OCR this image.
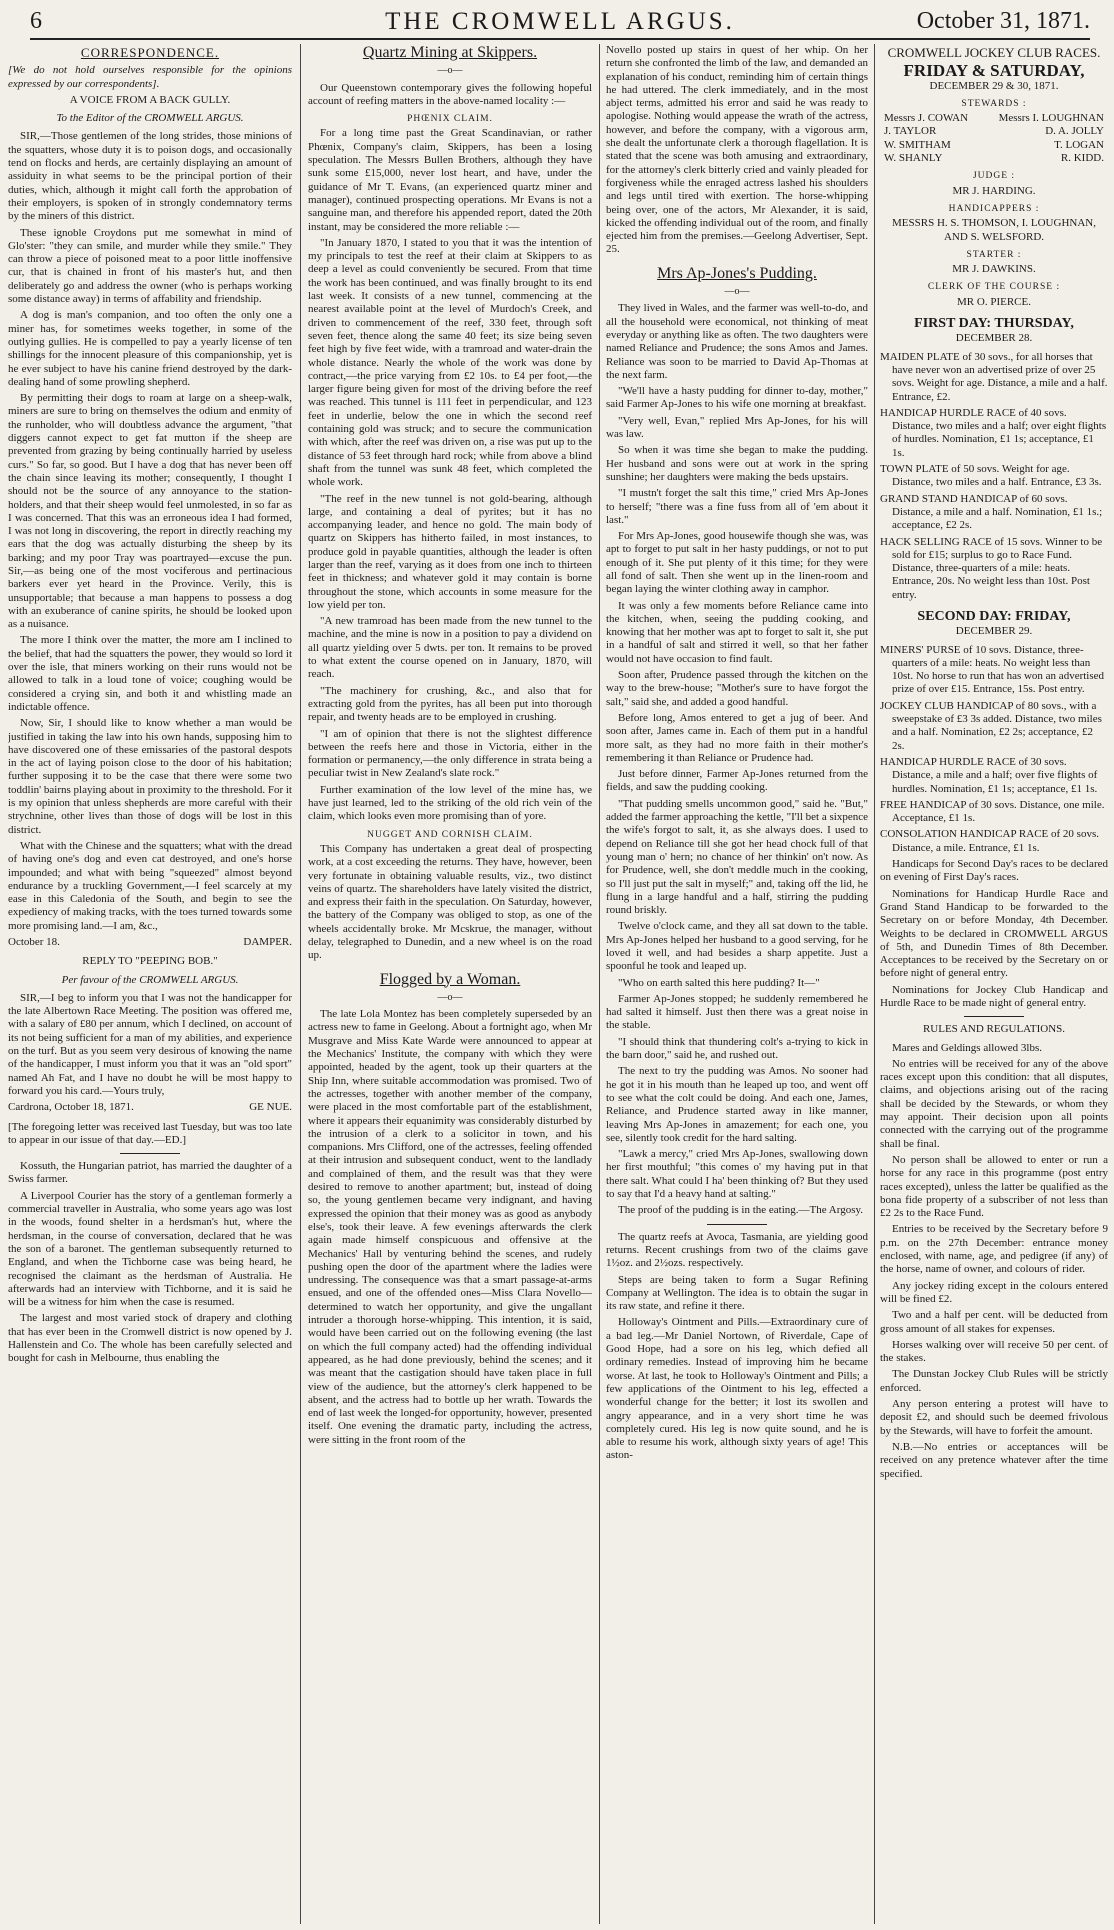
6	THE CROMWELL ARGUS.	October 31, 1871.
CORRESPONDENCE.

[We do not hold ourselves responsible for the opinions expressed by our correspondents].

A VOICE FROM A BACK GULLY.
To the Editor of the CROMWELL ARGUS.

SIR,—Those gentlemen of the long strides, those minions of the squatters, whose duty it is to poison dogs, and occasionally tend on flocks and herds, are certainly displaying an amount of assiduity in what seems to be the principal portion of their duties, which, although it might call forth the approbation of their employers, is spoken of in strongly condemnatory terms by the miners of this district.

These ignoble Croydons put me somewhat in mind of Glo'ster: "they can smile, and murder while they smile." They can throw a piece of poisoned meat to a poor little inoffensive cur, that is chained in front of his master's hut, and then deliberately go and address the owner (who is perhaps working some distance away) in terms of affability and friendship.

A dog is man's companion, and too often the only one a miner has, for sometimes weeks together, in some of the outlying gullies. He is compelled to pay a yearly license of ten shillings for the innocent pleasure of this companionship, yet is he ever subject to have his canine friend destroyed by the dark-dealing hand of some prowling shepherd.

By permitting their dogs to roam at large on a sheep-walk, miners are sure to bring on themselves the odium and enmity of the runholder, who will doubtless advance the argument, "that diggers cannot expect to get fat mutton if the sheep are prevented from grazing by being continually harried by useless curs." So far, so good. But I have a dog that has never been off the chain since leaving its mother; consequently, I thought I should not be the source of any annoyance to the station-holders, and that their sheep would feel unmolested, in so far as I was concerned. That this was an erroneous idea I had formed, I was not long in discovering, the report in directly reaching my ears that the dog was actually disturbing the sheep by its barking; and my poor Tray was poartrayed—excuse the pun. Sir,—as being one of the most vociferous and pertinacious barkers ever yet heard in the Province. Verily, this is unsupportable; that because a man happens to possess a dog with an exuberance of canine spirits, he should be looked upon as a nuisance.

The more I think over the matter, the more am I inclined to the belief, that had the squatters the power, they would so lord it over the isle, that miners working on their runs would not be allowed to talk in a loud tone of voice; coughing would be considered a crying sin, and both it and whistling made an indictable offence.

Now, Sir, I should like to know whether a man would be justified in taking the law into his own hands, supposing him to have discovered one of these emissaries of the pastoral despots in the act of laying poison close to the door of his habitation; further supposing it to be the case that there were some two toddlin' bairns playing about in proximity to the threshold. For it is my opinion that unless shepherds are more careful with their strychnine, other lives than those of dogs will be lost in this district.

What with the Chinese and the squatters; what with the dread of having one's dog and even cat destroyed, and one's horse impounded; and what with being "squeezed" almost beyond endurance by a truckling Government,—I feel scarcely at my ease in this Caledonia of the South, and begin to see the expediency of making tracks, with the toes turned towards some more promising land.—I am, &c.,

October 18.	DAMPER.
REPLY TO "PEEPING BOB."
Per favour of the CROMWELL ARGUS.

SIR,—I beg to inform you that I was not the handicapper for the late Albertown Race Meeting. The position was offered me, with a salary of £80 per annum, which I declined, on account of its not being sufficient for a man of my abilities, and experience on the turf. But as you seem very desirous of knowing the name of the handicapper, I must inform you that it was an "old sport" named Ah Fat, and I have no doubt he will be most happy to forward you his card.—Yours truly,

Cardrona, October 18, 1871.	GE NUE.

[The foregoing letter was received last Tuesday, but was too late to appear in our issue of that day.—ED.]

Kossuth, the Hungarian patriot, has married the daughter of a Swiss farmer.

A Liverpool Courier has the story of a gentleman formerly a commercial traveller in Australia, who some years ago was lost in the woods, found shelter in a herdsman's hut, where the herdsman, in the course of conversation, declared that he was the son of a baronet. The gentleman subsequently returned to England, and when the Tichborne case was being heard, he recognised the claimant as the herdsman of Australia. He afterwards had an interview with Tichborne, and it is said he will be a witness for him when the case is resumed.

The largest and most varied stock of drapery and clothing that has ever been in the Cromwell district is now opened by J. Hallenstein and Co. The whole has been carefully selected and bought for cash in Melbourne, thus enabling the

Quartz Mining at Skippers.
—o—

Our Queenstown contemporary gives the following hopeful account of reefing matters in the above-named locality :—

PHŒNIX CLAIM.

For a long time past the Great Scandinavian, or rather Phœnix, Company's claim, Skippers, has been a losing speculation. The Messrs Bullen Brothers, although they have sunk some £15,000, never lost heart, and have, under the guidance of Mr T. Evans, (an experienced quartz miner and manager), continued prospecting operations. Mr Evans is not a sanguine man, and therefore his appended report, dated the 20th instant, may be considered the more reliable :—

"In January 1870, I stated to you that it was the intention of my principals to test the reef at their claim at Skippers to as deep a level as could conveniently be secured. From that time the work has been continued, and was finally brought to its end last week. It consists of a new tunnel, commencing at the nearest available point at the level of Murdoch's Creek, and driven to commencement of the reef, 330 feet, through soft seven feet, thence along the same 40 feet; its size being seven feet high by five feet wide, with a tramroad and water-drain the whole distance. Nearly the whole of the work was done by contract,—the price varying from £2 10s. to £4 per foot,—the larger figure being given for most of the driving before the reef was reached. This tunnel is 111 feet in perpendicular, and 123 feet in underlie, below the one in which the second reef containing gold was struck; and to secure the communication with which, after the reef was driven on, a rise was put up to the distance of 53 feet through hard rock; while from above a blind shaft from the tunnel was sunk 48 feet, which completed the whole work.

"The reef in the new tunnel is not gold-bearing, although large, and containing a deal of pyrites; but it has no accompanying leader, and hence no gold. The main body of quartz on Skippers has hitherto failed, in most instances, to produce gold in payable quantities, although the leader is often larger than the reef, varying as it does from one inch to thirteen feet in thickness; and whatever gold it may contain is borne throughout the stone, which accounts in some measure for the low yield per ton.

"A new tramroad has been made from the new tunnel to the machine, and the mine is now in a position to pay a dividend on all quartz yielding over 5 dwts. per ton. It remains to be proved to what extent the course opened on in January, 1870, will reach.

"The machinery for crushing, &c., and also that for extracting gold from the pyrites, has all been put into thorough repair, and twenty heads are to be employed in crushing.

"I am of opinion that there is not the slightest difference between the reefs here and those in Victoria, either in the formation or permanency,—the only difference in strata being a peculiar twist in New Zealand's slate rock."

Further examination of the low level of the mine has, we have just learned, led to the striking of the old rich vein of the claim, which looks even more promising than of yore.

NUGGET AND CORNISH CLAIM.

This Company has undertaken a great deal of prospecting work, at a cost exceeding the returns. They have, however, been very fortunate in obtaining valuable results, viz., two distinct veins of quartz. The shareholders have lately visited the district, and express their faith in the speculation. On Saturday, however, the battery of the Company was obliged to stop, as one of the wheels accidentally broke. Mr Mcskrue, the manager, without delay, telegraphed to Dunedin, and a new wheel is on the road up.

Flogged by a Woman.
—o—

The late Lola Montez has been completely superseded by an actress new to fame in Geelong. About a fortnight ago, when Mr Musgrave and Miss Kate Warde were announced to appear at the Mechanics' Institute, the company with which they were appointed, headed by the agent, took up their quarters at the Ship Inn, where suitable accommodation was promised. Two of the actresses, together with another member of the company, were placed in the most comfortable part of the establishment, where it appears their equanimity was considerably disturbed by the intrusion of a clerk to a solicitor in town, and his companions. Mrs Clifford, one of the actresses, feeling offended at their intrusion and subsequent conduct, went to the landlady and complained of them, and the result was that they were desired to remove to another apartment; but, instead of doing so, the young gentlemen became very indignant, and having expressed the opinion that their money was as good as anybody else's, took their leave. A few evenings afterwards the clerk again made himself conspicuous and offensive at the Mechanics' Hall by venturing behind the scenes, and rudely pushing open the door of the apartment where the ladies were undressing. The consequence was that a smart passage-at-arms ensued, and one of the offended ones—Miss Clara Novello—determined to watch her opportunity, and give the ungallant intruder a thorough horse-whipping. This intention, it is said, would have been carried out on the following evening (the last on which the full company acted) had the offending individual appeared, as he had done previously, behind the scenes; and it was meant that the castigation should have taken place in full view of the audience, but the attorney's clerk happened to be absent, and the actress had to bottle up her wrath. Towards the end of last week the longed-for opportunity, however, presented itself. One evening the dramatic party, including the actress, were sitting in the front room of the

Novello posted up stairs in quest of her whip. On her return she confronted the limb of the law, and demanded an explanation of his conduct, reminding him of certain things he had uttered. The clerk immediately, and in the most abject terms, admitted his error and said he was ready to apologise. Nothing would appease the wrath of the actress, however, and before the company, with a vigorous arm, she dealt the unfortunate clerk a thorough flagellation. It is stated that the scene was both amusing and extraordinary, for the attorney's clerk bitterly cried and vainly pleaded for forgiveness while the enraged actress lashed his shoulders and legs until tired with exertion. The horse-whipping being over, one of the actors, Mr Alexander, it is said, kicked the offending individual out of the room, and finally ejected him from the premises.—Geelong Advertiser, Sept. 25.

Mrs Ap-Jones's Pudding.
—o—

They lived in Wales, and the farmer was well-to-do, and all the household were economical, not thinking of meat everyday or anything like as often. The two daughters were named Reliance and Prudence; the sons Amos and James. Reliance was soon to be married to David Ap-Thomas at the next farm.

"We'll have a hasty pudding for dinner to-day, mother," said Farmer Ap-Jones to his wife one morning at breakfast.

"Very well, Evan," replied Mrs Ap-Jones, for his will was law.

So when it was time she began to make the pudding. Her husband and sons were out at work in the spring sunshine; her daughters were making the beds upstairs.

"I mustn't forget the salt this time," cried Mrs Ap-Jones to herself; "there was a fine fuss from all of 'em about it last."

For Mrs Ap-Jones, good housewife though she was, was apt to forget to put salt in her hasty puddings, or not to put enough of it. She put plenty of it this time; for they were all fond of salt. Then she went up in the linen-room and began laying the winter clothing away in camphor.

It was only a few moments before Reliance came into the kitchen, when, seeing the pudding cooking, and knowing that her mother was apt to forget to salt it, she put in a handful of salt and stirred it well, so that her father would not have occasion to find fault.

Soon after, Prudence passed through the kitchen on the way to the brew-house; "Mother's sure to have forgot the salt," said she, and added a good handful.

Before long, Amos entered to get a jug of beer. And soon after, James came in. Each of them put in a handful more salt, as they had no more faith in their mother's remembering it than Reliance or Prudence had.

Just before dinner, Farmer Ap-Jones returned from the fields, and saw the pudding cooking.

"That pudding smells uncommon good," said he. "But," added the farmer approaching the kettle, "I'll bet a sixpence the wife's forgot to salt, it, as she always does. I used to depend on Reliance till she got her head chock full of that young man o' hern; no chance of her thinkin' on't now. As for Prudence, well, she don't meddle much in the cooking, so I'll just put the salt in myself;" and, taking off the lid, he flung in a large handful and a half, stirring the pudding round briskly.

Twelve o'clock came, and they all sat down to the table. Mrs Ap-Jones helped her husband to a good serving, for he loved it well, and had besides a sharp appetite. Just a spoonful he took and leaped up.

"Who on earth salted this here pudding? It—"

Farmer Ap-Jones stopped; he suddenly remembered he had salted it himself. Just then there was a great noise in the stable.

"I should think that thundering colt's a-trying to kick in the barn door," said he, and rushed out.

The next to try the pudding was Amos. No sooner had he got it in his mouth than he leaped up too, and went off to see what the colt could be doing. And each one, James, Reliance, and Prudence started away in like manner, leaving Mrs Ap-Jones in amazement; for each one, you see, silently took credit for the hard salting.

"Lawk a mercy," cried Mrs Ap-Jones, swallowing down her first mouthful; "this comes o' my having put in that there salt. What could I ha' been thinking of? But they used to say that I'd a heavy hand at salting."

The proof of the pudding is in the eating.—The Argosy.

The quartz reefs at Avoca, Tasmania, are yielding good returns. Recent crushings from two of the claims gave 1½oz. and 2½ozs. respectively.

Steps are being taken to form a Sugar Refining Company at Wellington. The idea is to obtain the sugar in its raw state, and refine it there.

Holloway's Ointment and Pills.—Extraordinary cure of a bad leg.—Mr Daniel Nortown, of Riverdale, Cape of Good Hope, had a sore on his leg, which defied all ordinary remedies. Instead of improving him he became worse. At last, he took to Holloway's Ointment and Pills; a few applications of the Ointment to his leg, effected a wonderful change for the better; it lost its swollen and angry appearance, and in a very short time he was completely cured. His leg is now quite sound, and he is able to resume his work, although sixty years of age! This aston-

CROMWELL JOCKEY CLUB RACES.
FRIDAY & SATURDAY,
DECEMBER 29 & 30, 1871.
STEWARDS :
Messrs J. COWAN	Messrs I. LOUGHNAN
J. TAYLOR	D. A. JOLLY
W. SMITHAM	T. LOGAN
W. SHANLY	R. KIDD.
JUDGE :
MR J. HARDING.
HANDICAPPERS :
MESSRS H. S. THOMSON, I. LOUGHNAN, AND S. WELSFORD.
STARTER :
MR J. DAWKINS.
CLERK OF THE COURSE :
MR O. PIERCE.
FIRST DAY: THURSDAY,
DECEMBER 28.

MAIDEN PLATE of 30 sovs., for all horses that have never won an advertised prize of over 25 sovs. Weight for age. Distance, a mile and a half. Entrance, £2.

HANDICAP HURDLE RACE of 40 sovs. Distance, two miles and a half; over eight flights of hurdles. Nomination, £1 1s; acceptance, £1 1s.

TOWN PLATE of 50 sovs. Weight for age. Distance, two miles and a half. Entrance, £3 3s.

GRAND STAND HANDICAP of 60 sovs. Distance, a mile and a half. Nomination, £1 1s.; acceptance, £2 2s.

HACK SELLING RACE of 15 sovs. Winner to be sold for £15; surplus to go to Race Fund. Distance, three-quarters of a mile: heats. Entrance, 20s. No weight less than 10st. Post entry.

SECOND DAY: FRIDAY,
DECEMBER 29.

MINERS' PURSE of 10 sovs. Distance, three-quarters of a mile: heats. No weight less than 10st. No horse to run that has won an advertised prize of over £15. Entrance, 15s. Post entry.

JOCKEY CLUB HANDICAP of 80 sovs., with a sweepstake of £3 3s added. Distance, two miles and a half. Nomination, £2 2s; acceptance, £2 2s.

HANDICAP HURDLE RACE of 30 sovs. Distance, a mile and a half; over five flights of hurdles. Nomination, £1 1s; acceptance, £1 1s.

FREE HANDICAP of 30 sovs. Distance, one mile. Acceptance, £1 1s.

CONSOLATION HANDICAP RACE of 20 sovs. Distance, a mile. Entrance, £1 1s.

Handicaps for Second Day's races to be declared on evening of First Day's races.

Nominations for Handicap Hurdle Race and Grand Stand Handicap to be forwarded to the Secretary on or before Monday, 4th December. Weights to be declared in CROMWELL ARGUS of 5th, and Dunedin Times of 8th December. Acceptances to be received by the Secretary on or before night of general entry.

Nominations for Jockey Club Handicap and Hurdle Race to be made night of general entry.

RULES AND REGULATIONS.

Mares and Geldings allowed 3lbs.

No entries will be received for any of the above races except upon this condition: that all disputes, claims, and objections arising out of the racing shall be decided by the Stewards, or whom they may appoint. Their decision upon all points connected with the carrying out of the programme shall be final.

No person shall be allowed to enter or run a horse for any race in this programme (post entry races excepted), unless the latter be qualified as the bona fide property of a subscriber of not less than £2 2s to the Race Fund.

Entries to be received by the Secretary before 9 p.m. on the 27th December: entrance money enclosed, with name, age, and pedigree (if any) of the horse, name of owner, and colours of rider.

Any jockey riding except in the colours entered will be fined £2.

Two and a half per cent. will be deducted from gross amount of all stakes for expenses.

Horses walking over will receive 50 per cent. of the stakes.

The Dunstan Jockey Club Rules will be strictly enforced.

Any person entering a protest will have to deposit £2, and should such be deemed frivolous by the Stewards, will have to forfeit the amount.

N.B.—No entries or acceptances will be received on any pretence whatever after the time specified.
